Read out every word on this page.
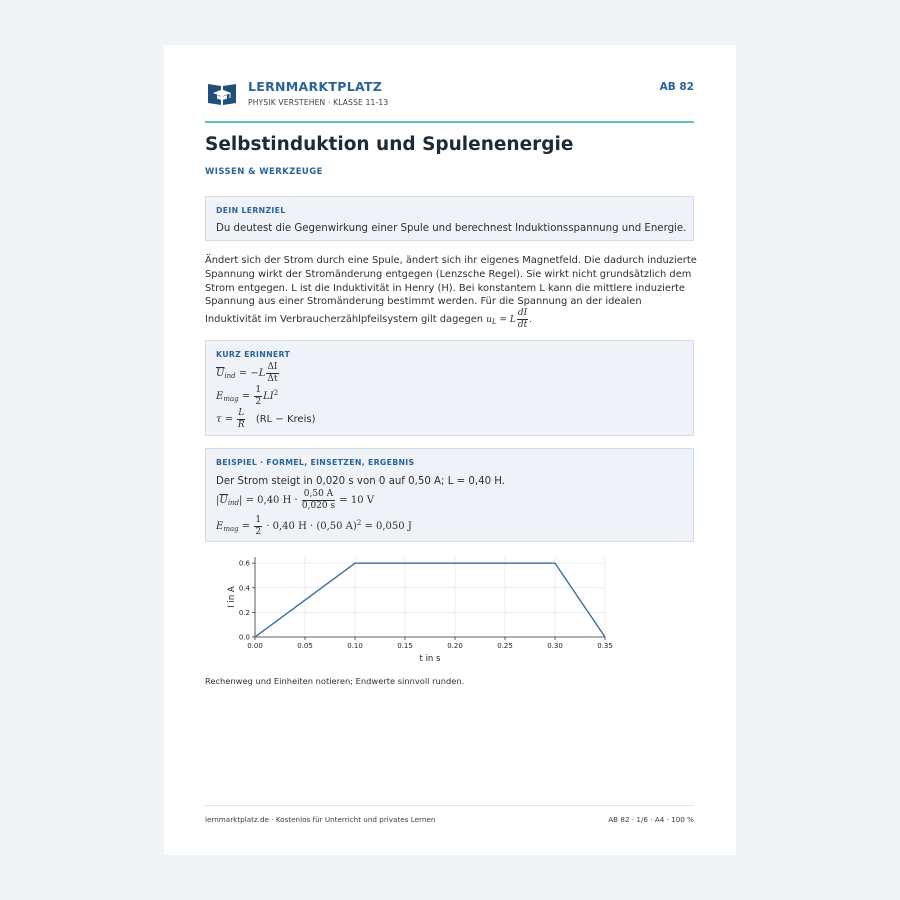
LERNMARKTPLATZ
PHYSIK VERSTEHEN · KLASSE 11-13
AB 82
Selbstinduktion und Spulenenergie
WISSEN & WERKZEUGE
DEIN LERNZIEL
Du deutest die Gegenwirkung einer Spule und berechnest Induktionsspannung und Energie.
Ändert sich der Strom durch eine Spule, ändert sich ihr eigenes Magnetfeld. Die dadurch induzierte Spannung wirkt der Stromänderung entgegen (Lenzsche Regel). Sie wirkt nicht grundsätzlich dem Strom entgegen. L ist die Induktivität in Henry (H). Bei konstantem L kann die mittlere induzierte Spannung aus einer Stromänderung bestimmt werden. Für die Spannung an der idealen Induktivität im Verbraucherzählpfeilsystem gilt dagegen $u_L = L \frac{dI}{dt}$ .
KURZ ERINNERT
$\overline{U}_{ind} = -L \frac{\Delta I}{\Delta t}$
$E_{mag} = \frac{1}{2} LI^2$
$\tau = \frac{L}{R} (RL$ − Kreis)
BEISPIEL · FORMEL, EINSETZEN, ERGEBNIS
Der Strom steigt in 0,020 s von 0 auf 0,50 A; L = 0,40 H.
$|\overline{U}_{ind}| = 0,40$ $H \cdot \frac{0,50 A}{0,020 s} = 10$ V
$E_{mag} = \frac{1}{2} \cdot 0,40$ H · (0,50 A)$^2$ = 0,050 J
0.00	0.05	0.10	0.15	0.20	0.25	0.30	0.35
0.0
0.2
0.4
0.6
t in s
I in A
Rechenweg und Einheiten notieren; Endwerte sinnvoll runden.
lernmarktplatz.de · Kostenlos für Unterricht und privates Lernen	AB 82 · 1/6 · A4 · 100 %
